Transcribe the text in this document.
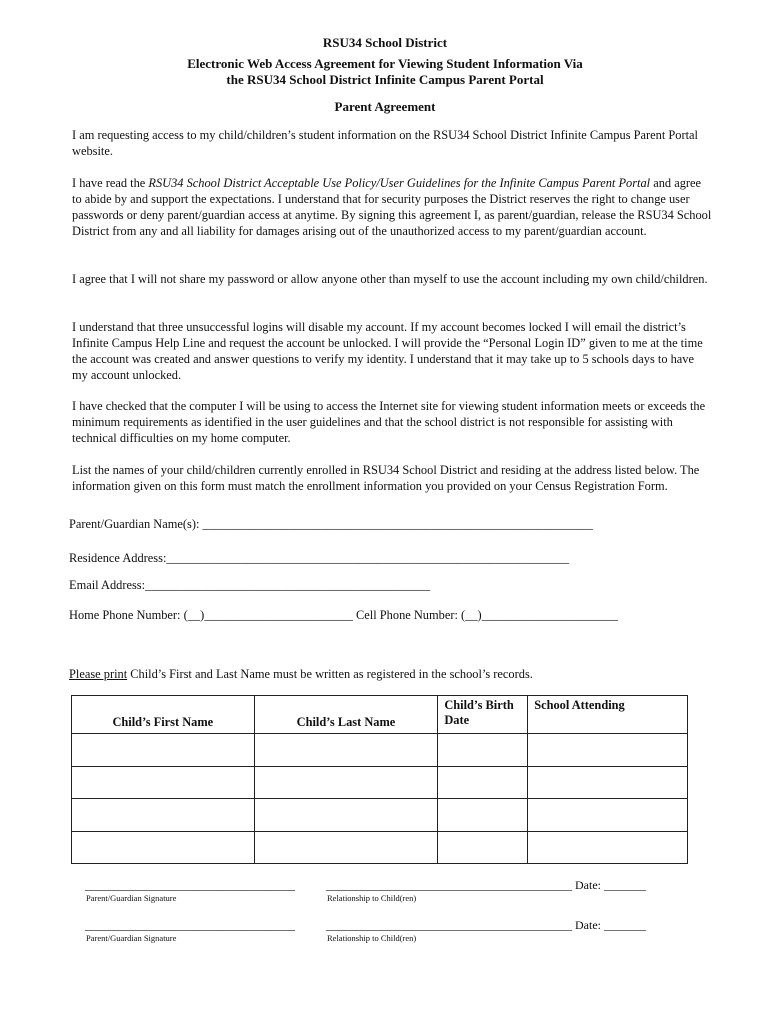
RSU34 School District
Electronic Web Access Agreement for Viewing Student Information Via
the RSU34 School District Infinite Campus Parent Portal
Parent Agreement
I am requesting access to my child/children’s student information on the RSU34 School District Infinite Campus Parent Portal website.
I have read the RSU34 School District Acceptable Use Policy/User Guidelines for the Infinite Campus Parent Portal and agree to abide by and support the expectations. I understand that for security purposes the District reserves the right to change user passwords or deny parent/guardian access at anytime. By signing this agreement I, as parent/guardian, release the RSU34 School District from any and all liability for damages arising out of the unauthorized access to my parent/guardian account.
I agree that I will not share my password or allow anyone other than myself to use the account including my own child/children.
I understand that three unsuccessful logins will disable my account. If my account becomes locked I will email the district’s Infinite Campus Help Line and request the account be unlocked. I will provide the “Personal Login ID” given to me at the time the account was created and answer questions to verify my identity. I understand that it may take up to 5 schools days to have my account unlocked.
I have checked that the computer I will be using to access the Internet site for viewing student information meets or exceeds the minimum requirements as identified in the user guidelines and that the school district is not responsible for assisting with technical difficulties on my home computer.
List the names of your child/children currently enrolled in RSU34 School District and residing at the address listed below. The information given on this form must match the enrollment information you provided on your Census Registration Form.
Parent/Guardian Name(s): _______________________________________________________________
Residence Address:_________________________________________________________________
Email Address:______________________________________________
Home Phone Number: (__)________________________ Cell Phone Number: (__)______________________
Please print Child’s First and Last Name must be written as registered in the school’s records.
Child’s First Name	Child’s Last Name	Child’s Birth Date	School Attending

___________________________________	_________________________________________ Date: _______
Parent/Guardian Signature	Relationship to Child(ren)
___________________________________	_________________________________________ Date: _______
Parent/Guardian Signature	Relationship to Child(ren)
